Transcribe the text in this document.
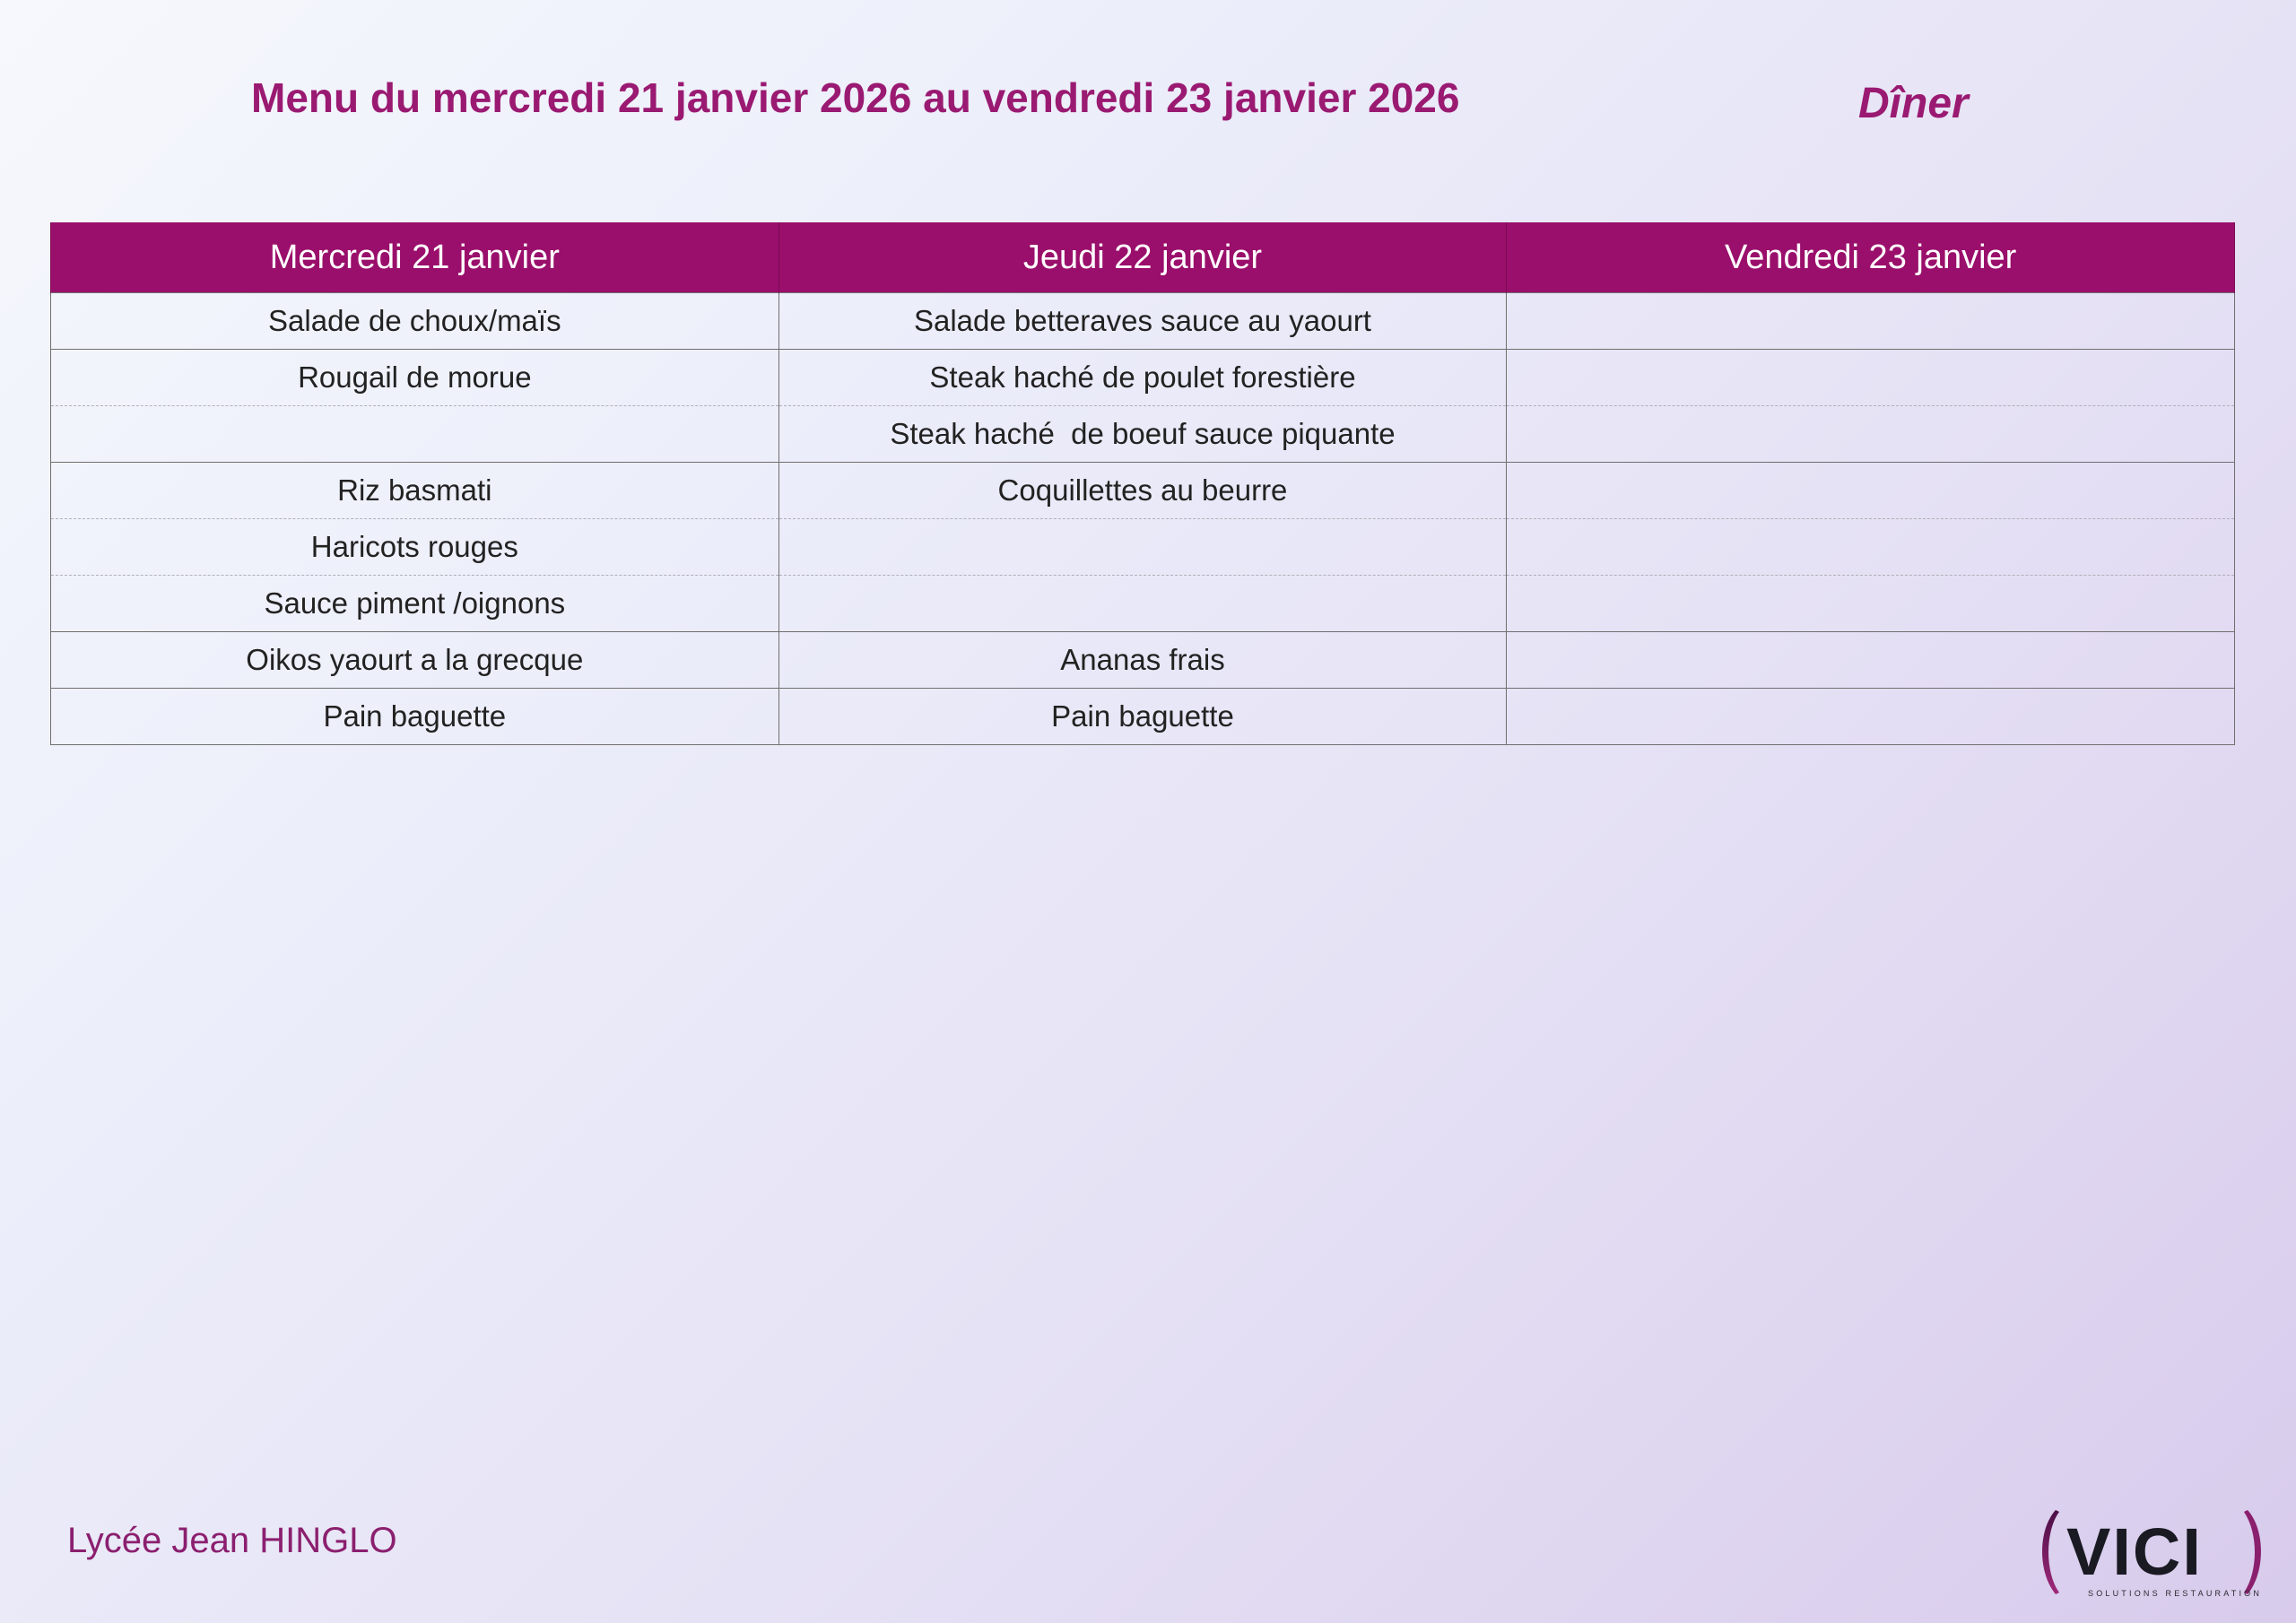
Menu du mercredi 21 janvier 2026 au vendredi 23 janvier 2026	Dîner
Mercredi 21 janvier	Jeudi 22 janvier	Vendredi 23 janvier
Salade de choux/maïs	Salade betteraves sauce au yaourt	
Rougail de morue	Steak haché de poulet forestière	
	Steak haché  de boeuf sauce piquante	
Riz basmati	Coquillettes au beurre	
Haricots rouges		
Sauce piment /oignons		
Oikos yaourt a la grecque	Ananas frais	
Pain baguette	Pain baguette	
Lycée Jean HINGLO	VICI
SOLUTIONS RESTAURATION
